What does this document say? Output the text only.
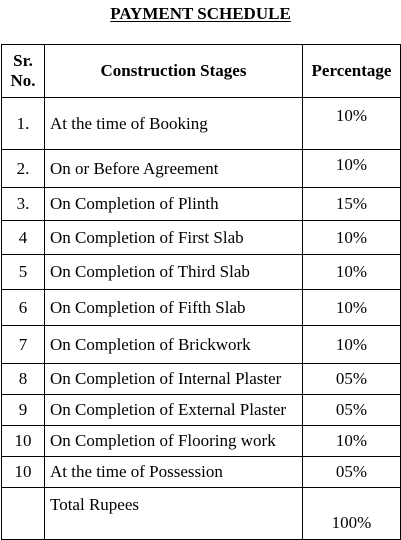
PAYMENT SCHEDULE
Sr.
No.	Construction Stages	Percentage
1.	At the time of Booking	10%
2.	On or Before Agreement	10%
3.	On Completion of Plinth	15%
4	On Completion of First Slab	10%
5	On Completion of Third Slab	10%
6	On Completion of Fifth Slab	10%
7	On Completion of Brickwork	10%
8	On Completion of Internal Plaster	05%
9	On Completion of External Plaster	05%
10	On Completion of Flooring work	10%
10	At the time of Possession	05%
	Total Rupees	100%
